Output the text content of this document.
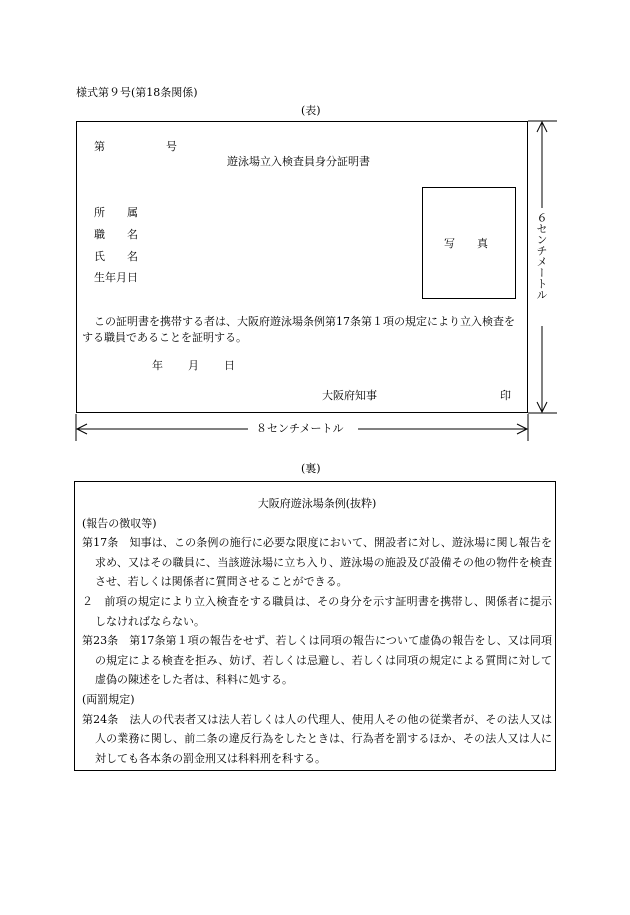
様式第９号(第18条関係)
(表)
第	号
遊泳場立入検査員身分証明書
所　　属
職　　名
氏　　名
生年月日
写　　真
この証明書を携帯する者は、大阪府遊泳場条例第17条第１項の規定により立入検査をする職員であることを証明する。
年 月 日
大阪府知事	印
８センチメートル
６センチメートル
(裏)

大阪府遊泳場条例(抜粋)

(報告の徴収等)

第17条　知事は、この条例の施行に必要な限度において、開設者に対し、遊泳場に関し報告を求め、又はその職員に、当該遊泳場に立ち入り、遊泳場の施設及び設備その他の物件を検査させ、若しくは関係者に質問させることができる。

２　前項の規定により立入検査をする職員は、その身分を示す証明書を携帯し、関係者に提示しなければならない。

第23条　第17条第１項の報告をせず、若しくは同項の報告について虚偽の報告をし、又は同項の規定による検査を拒み、妨げ、若しくは忌避し、若しくは同項の規定による質問に対して虚偽の陳述をした者は、科料に処する。

(両罰規定)

第24条　法人の代表者又は法人若しくは人の代理人、使用人その他の従業者が、その法人又は人の業務に関し、前二条の違反行為をしたときは、行為者を罰するほか、その法人又は人に対しても各本条の罰金刑又は科料刑を科する。
